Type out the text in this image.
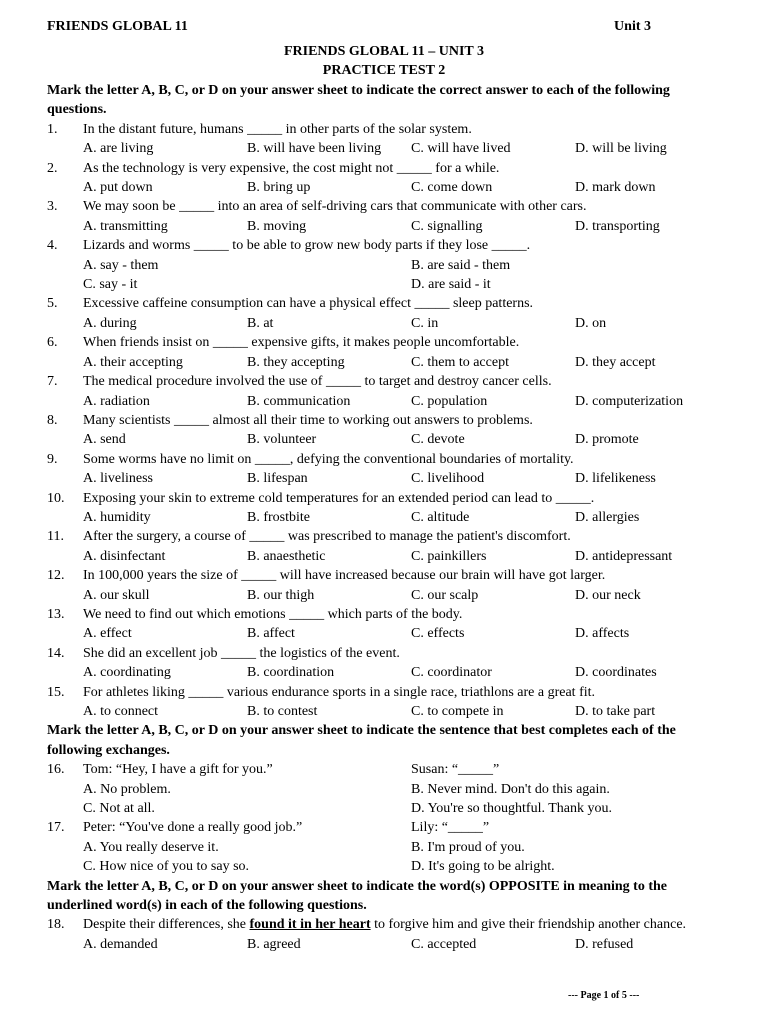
FRIENDS GLOBAL 11	Unit 3
FRIENDS GLOBAL 11 – UNIT 3
PRACTICE TEST 2
Mark the letter A, B, C, or D on your answer sheet to indicate the correct answer to each of the following questions.
1.	In the distant future, humans _____ in other parts of the solar system.
A. are living	B. will have been living	C. will have lived	D. will be living
2.	As the technology is very expensive, the cost might not _____ for a while.
A. put down	B. bring up	C. come down	D. mark down
3.	We may soon be _____ into an area of self-driving cars that communicate with other cars.
A. transmitting	B. moving	C. signalling	D. transporting
4.	Lizards and worms _____ to be able to grow new body parts if they lose _____.
A. say - them	B. are said - them
C. say - it	D. are said - it
5.	Excessive caffeine consumption can have a physical effect _____ sleep patterns.
A. during	B. at	C. in	D. on
6.	When friends insist on _____ expensive gifts, it makes people uncomfortable.
A. their accepting	B. they accepting	C. them to accept	D. they accept
7.	The medical procedure involved the use of _____ to target and destroy cancer cells.
A. radiation	B. communication	C. population	D. computerization
8.	Many scientists _____ almost all their time to working out answers to problems.
A. send	B. volunteer	C. devote	D. promote
9.	Some worms have no limit on _____, defying the conventional boundaries of mortality.
A. liveliness	B. lifespan	C. livelihood	D. lifelikeness
10.	Exposing your skin to extreme cold temperatures for an extended period can lead to _____.
A. humidity	B. frostbite	C. altitude	D. allergies
11.	After the surgery, a course of _____ was prescribed to manage the patient's discomfort.
A. disinfectant	B. anaesthetic	C. painkillers	D. antidepressant
12.	In 100,000 years the size of _____ will have increased because our brain will have got larger.
A. our skull	B. our thigh	C. our scalp	D. our neck
13.	We need to find out which emotions _____ which parts of the body.
A. effect	B. affect	C. effects	D. affects
14.	She did an excellent job _____ the logistics of the event.
A. coordinating	B. coordination	C. coordinator	D. coordinates
15.	For athletes liking _____ various endurance sports in a single race, triathlons are a great fit.
A. to connect	B. to contest	C. to compete in	D. to take part
Mark the letter A, B, C, or D on your answer sheet to indicate the sentence that best completes each of the following exchanges.
16.	Tom: “Hey, I have a gift for you.”	Susan: “_____”
A. No problem.	B. Never mind. Don't do this again.
C. Not at all.	D. You're so thoughtful. Thank you.
17.	Peter: “You've done a really good job.”	Lily: “_____”
A. You really deserve it.	B. I'm proud of you.
C. How nice of you to say so.	D. It's going to be alright.
Mark the letter A, B, C, or D on your answer sheet to indicate the word(s) OPPOSITE in meaning to the underlined word(s) in each of the following questions.
18.	Despite their differences, she found it in her heart to forgive him and give their friendship another chance.
A. demanded	B. agreed	C. accepted	D. refused
--- Page 1 of 5 ---
